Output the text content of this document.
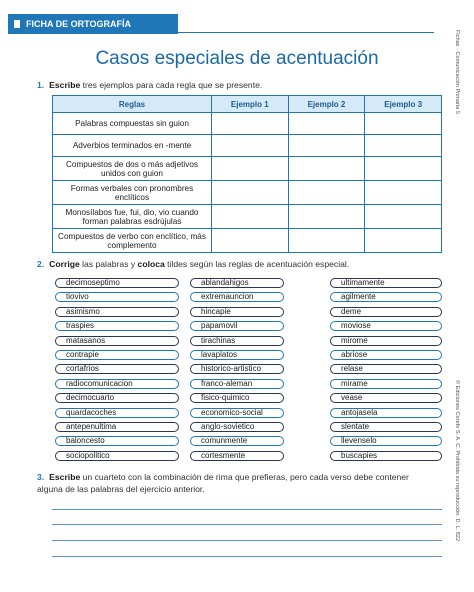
FICHA DE ORTOGRAFÍA
Fichas · Comunicación Primaria 5
© Ediciones Corefo S. A. C. Prohibida su reproducción. D. L. 822
Casos especiales de acentuación
1. Escribe tres ejemplos para cada regla que se presente.
Reglas	Ejemplo 1	Ejemplo 2	Ejemplo 3
Palabras compuestas sin guion			
Adverbios terminados en -mente			
Compuestos de dos o más adjetivos unidos con guion			
Formas verbales con pronombres enclíticos			
Monosílabos fue, fui, dio, vio cuando forman palabras esdrújulas			
Compuestos de verbo con enclítico, más complemento			
2. Corrige las palabras y coloca tildes según las reglas de acentuación especial.
decimoseptimo
tiovivo
asimismo
traspies
matasanos
contrapie
cortafrios
radiocomunicacion
decimocuarto
quardacoches
antepenultima
baloncesto
sociopolitico
ablandahigos
extremauncion
hincapie
papamovil
tirachinas
lavaplatos
historico-artistico
franco-aleman
fisico-quimico
economico-social
anglo-sovietico
comunmente
cortesmente
ultimamente
agilmente
deme
moviose
mirome
abriose
relase
mirame
vease
antojasela
slentate
llevenselo
buscapies
3. Escribe un cuarteto con la combinación de rima que prefieras, pero cada verso debe contener alguna de las palabras del ejercicio anterior.
